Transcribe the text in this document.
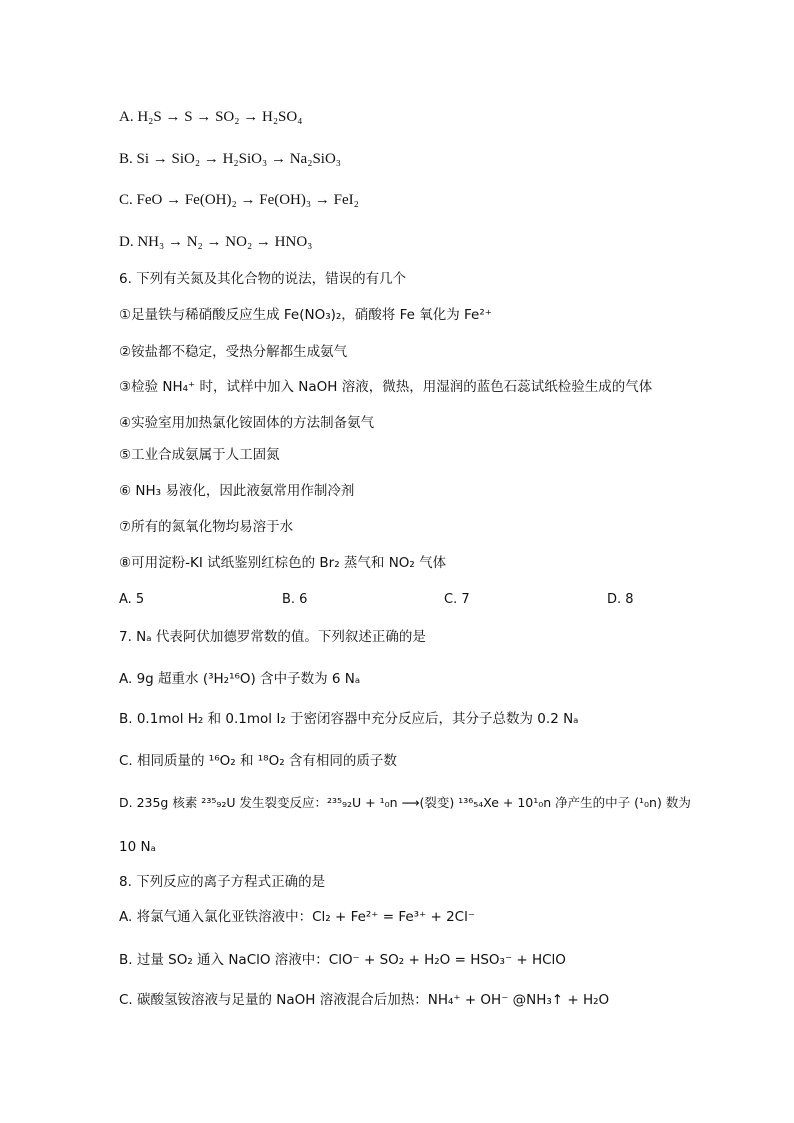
A. H₂S → S → SO₂ → H₂SO₄
B. Si → SiO₂ → H₂SiO₃ → Na₂SiO₃
C. FeO → Fe(OH)₂ → Fe(OH)₃ → FeI₂
D. NH₃ → N₂ → NO₂ → HNO₃
6. 下列有关氮及其化合物的说法，错误的有几个
①足量铁与稀硝酸反应生成 Fe(NO₃)₂，硝酸将 Fe 氧化为 Fe²⁺
②铵盐都不稳定，受热分解都生成氨气
③检验 NH₄⁺ 时，试样中加入 NaOH 溶液，微热，用湿润的蓝色石蕊试纸检验生成的气体
④实验室用加热氯化铵固体的方法制备氨气
⑤工业合成氨属于人工固氮
⑥ NH₃ 易液化，因此液氨常用作制冷剂
⑦所有的氮氧化物均易溶于水
⑧可用淀粉-KI 试纸鉴别红棕色的 Br₂ 蒸气和 NO₂ 气体
A. 5	B. 6	C. 7	D. 8
7. Nₐ 代表阿伏加德罗常数的值。下列叙述正确的是
A. 9g 超重水 (³H₂¹⁶O) 含中子数为 6 Nₐ
B. 0.1mol H₂ 和 0.1mol I₂ 于密闭容器中充分反应后，其分子总数为 0.2 Nₐ
C. 相同质量的 ¹⁶O₂ 和 ¹⁸O₂ 含有相同的质子数
D. 235g 核素 ²³⁵₉₂U 发生裂变反应：²³⁵₉₂U + ¹₀n ⟶(裂变) ¹³⁶₅₄Xe + 10¹₀n 净产生的中子 (¹₀n) 数为
10 Nₐ
8. 下列反应的离子方程式正确的是
A. 将氯气通入氯化亚铁溶液中：Cl₂ + Fe²⁺ = Fe³⁺ + 2Cl⁻
B. 过量 SO₂ 通入 NaClO 溶液中：ClO⁻ + SO₂ + H₂O = HSO₃⁻ + HClO
C. 碳酸氢铵溶液与足量的 NaOH 溶液混合后加热：NH₄⁺ + OH⁻ @NH₃↑ + H₂O
